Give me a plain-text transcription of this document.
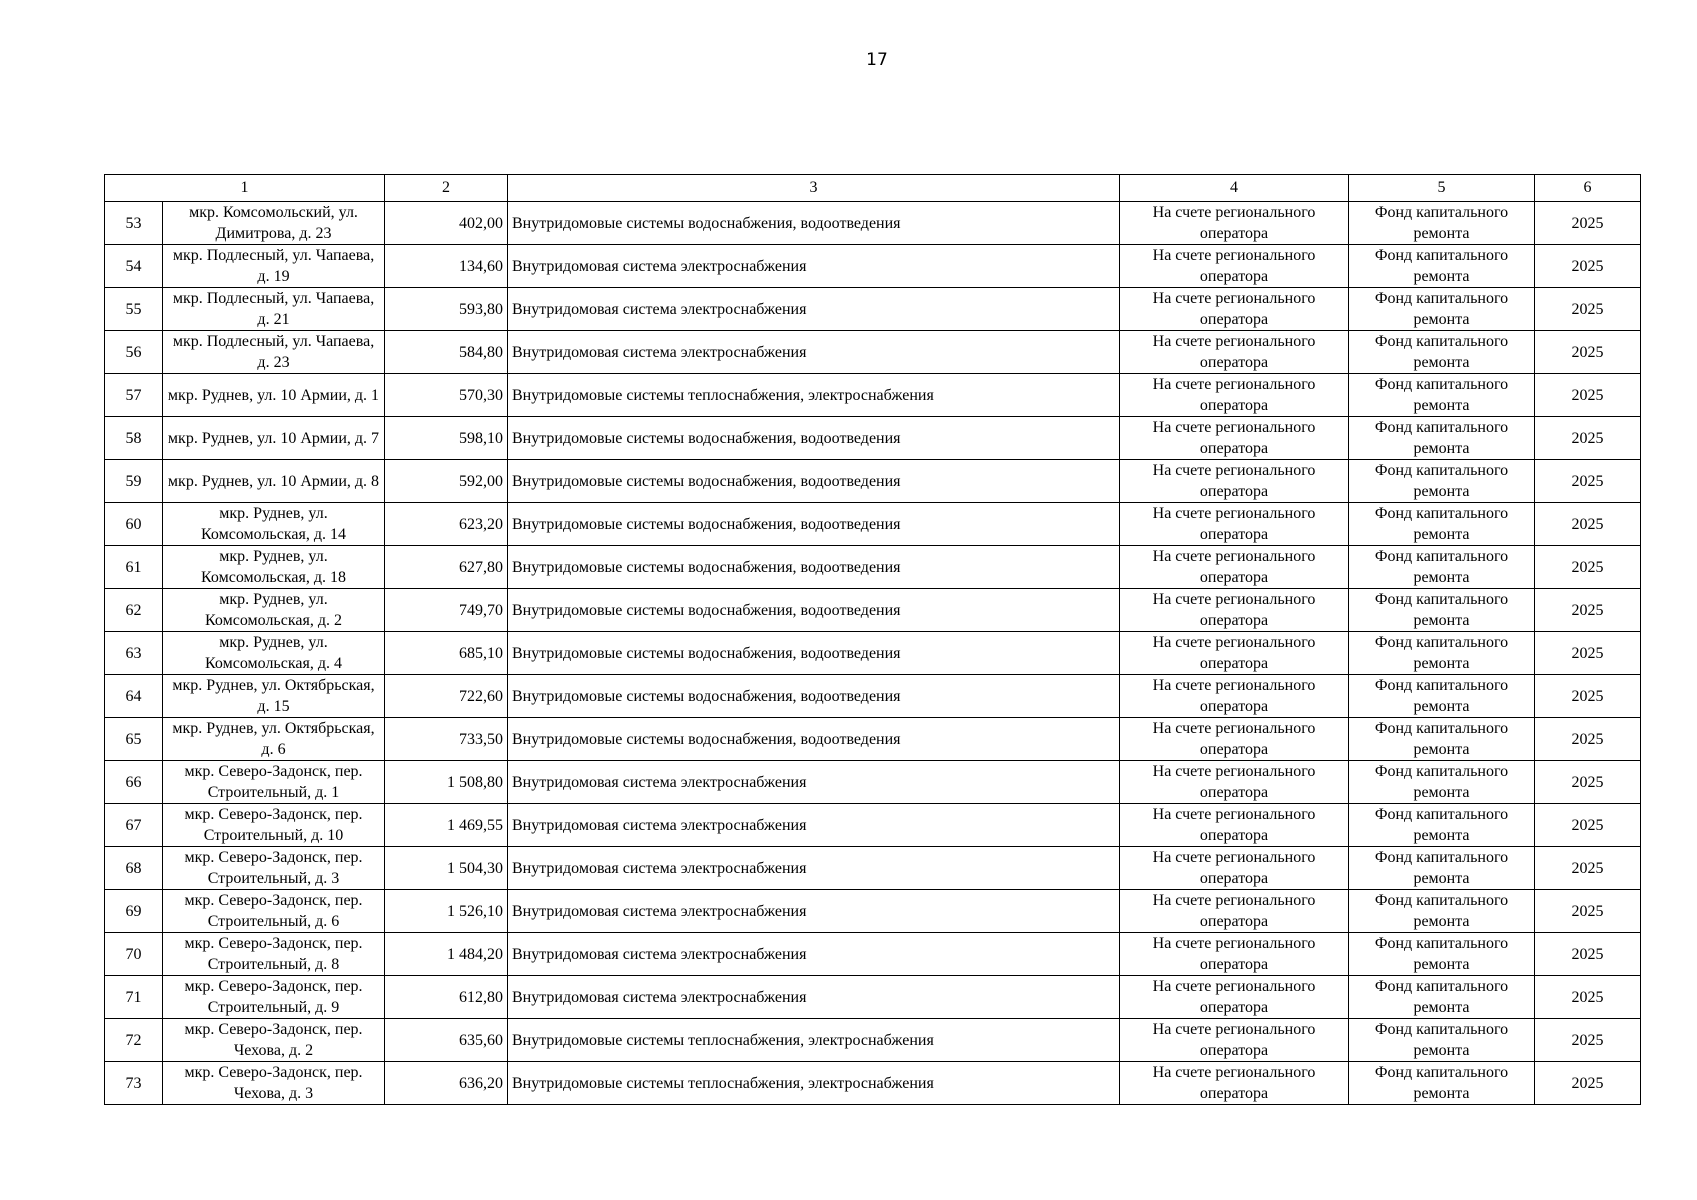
17
1		2	3	4	5	6
53	мкр. Комсомольский, ул. Димитрова, д. 23	402,00	Внутридомовые системы водоснабжения, водоотведения	На счете регионального оператора	Фонд капитального ремонта	2025
54	мкр. Подлесный, ул. Чапаева, д. 19	134,60	Внутридомовая система электроснабжения	На счете регионального оператора	Фонд капитального ремонта	2025
55	мкр. Подлесный, ул. Чапаева, д. 21	593,80	Внутридомовая система электроснабжения	На счете регионального оператора	Фонд капитального ремонта	2025
56	мкр. Подлесный, ул. Чапаева, д. 23	584,80	Внутридомовая система электроснабжения	На счете регионального оператора	Фонд капитального ремонта	2025
57	мкр. Руднев, ул. 10 Армии, д. 1	570,30	Внутридомовые системы теплоснабжения, электроснабжения	На счете регионального оператора	Фонд капитального ремонта	2025
58	мкр. Руднев, ул. 10 Армии, д. 7	598,10	Внутридомовые системы водоснабжения, водоотведения	На счете регионального оператора	Фонд капитального ремонта	2025
59	мкр. Руднев, ул. 10 Армии, д. 8	592,00	Внутридомовые системы водоснабжения, водоотведения	На счете регионального оператора	Фонд капитального ремонта	2025
60	мкр. Руднев, ул. Комсомольская, д. 14	623,20	Внутридомовые системы водоснабжения, водоотведения	На счете регионального оператора	Фонд капитального ремонта	2025
61	мкр. Руднев, ул. Комсомольская, д. 18	627,80	Внутридомовые системы водоснабжения, водоотведения	На счете регионального оператора	Фонд капитального ремонта	2025
62	мкр. Руднев, ул. Комсомольская, д. 2	749,70	Внутридомовые системы водоснабжения, водоотведения	На счете регионального оператора	Фонд капитального ремонта	2025
63	мкр. Руднев, ул. Комсомольская, д. 4	685,10	Внутридомовые системы водоснабжения, водоотведения	На счете регионального оператора	Фонд капитального ремонта	2025
64	мкр. Руднев, ул. Октябрьская, д. 15	722,60	Внутридомовые системы водоснабжения, водоотведения	На счете регионального оператора	Фонд капитального ремонта	2025
65	мкр. Руднев, ул. Октябрьская, д. 6	733,50	Внутридомовые системы водоснабжения, водоотведения	На счете регионального оператора	Фонд капитального ремонта	2025
66	мкр. Северо-Задонск, пер. Строительный, д. 1	1 508,80	Внутридомовая система электроснабжения	На счете регионального оператора	Фонд капитального ремонта	2025
67	мкр. Северо-Задонск, пер. Строительный, д. 10	1 469,55	Внутридомовая система электроснабжения	На счете регионального оператора	Фонд капитального ремонта	2025
68	мкр. Северо-Задонск, пер. Строительный, д. 3	1 504,30	Внутридомовая система электроснабжения	На счете регионального оператора	Фонд капитального ремонта	2025
69	мкр. Северо-Задонск, пер. Строительный, д. 6	1 526,10	Внутридомовая система электроснабжения	На счете регионального оператора	Фонд капитального ремонта	2025
70	мкр. Северо-Задонск, пер. Строительный, д. 8	1 484,20	Внутридомовая система электроснабжения	На счете регионального оператора	Фонд капитального ремонта	2025
71	мкр. Северо-Задонск, пер. Строительный, д. 9	612,80	Внутридомовая система электроснабжения	На счете регионального оператора	Фонд капитального ремонта	2025
72	мкр. Северо-Задонск, пер. Чехова, д. 2	635,60	Внутридомовые системы теплоснабжения, электроснабжения	На счете регионального оператора	Фонд капитального ремонта	2025
73	мкр. Северо-Задонск, пер. Чехова, д. 3	636,20	Внутридомовые системы теплоснабжения, электроснабжения	На счете регионального оператора	Фонд капитального ремонта	2025
